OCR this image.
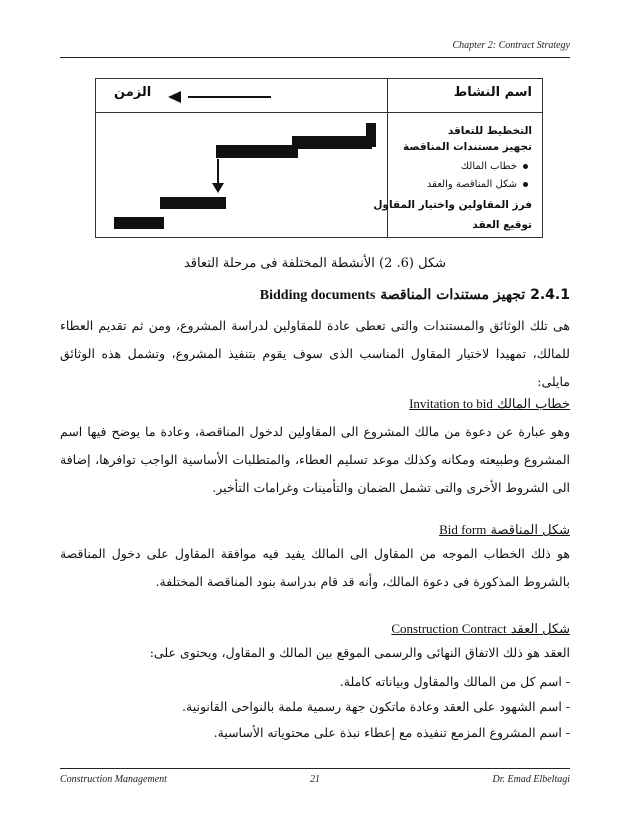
Chapter 2: Contract Strategy
اسم النشاط
الزمن
التخطيط للتعاقد
تجهيز مستندات المناقصة
خطاب المالك
شكل المناقصة والعقد
فرز المقاولين واختيار المقاول
توقيع العقد
شكل (6. 2) الأنشطة المختلفة فى مرحلة التعاقد
2.4.1 تجهيز مستندات المناقصة Bidding documents
هى تلك الوثائق والمستندات والتى تعطى عادة للمقاولين لدراسة المشروع، ومن ثم تقديم العطاء للمالك، تمهيدا لاختيار المقاول المناسب الذى سوف يقوم بتنفيذ المشروع، وتشمل هذه الوثائق مايلى:
خطاب المالك Invitation to bid
وهو عبارة عن دعوة من مالك المشروع الى المقاولين لدخول المناقصة، وعادة ما يوضح فيها اسم المشروع وطبيعته ومكانه وكذلك موعد تسليم العطاء، والمتطلبات الأساسية الواجب توافرها، إضافة الى الشروط الأخرى والتى تشمل الضمان والتأمينات وغرامات التأخير.
شكل المناقصة Bid form
هو ذلك الخطاب الموجه من المقاول الى المالك يفيد فيه موافقة المقاول على دخول المناقصة بالشروط المذكورة فى دعوة المالك، وأنه قد قام بدراسة بنود المناقصة المختلفة.
شكل العقد Construction Contract
العقد هو ذلك الاتفاق النهائى والرسمى الموقع بين المالك و المقاول، ويحتوى على:
- اسم كل من المالك والمقاول وبياناته كاملة.
- اسم الشهود على العقد وعادة ماتكون جهة رسمية ملمة بالنواحى القانونية.
- اسم المشروع المزمع تنفيذه مع إعطاء نبذة على محتوياته الأساسية.
Construction Management	21	Dr. Emad Elbeltagi
